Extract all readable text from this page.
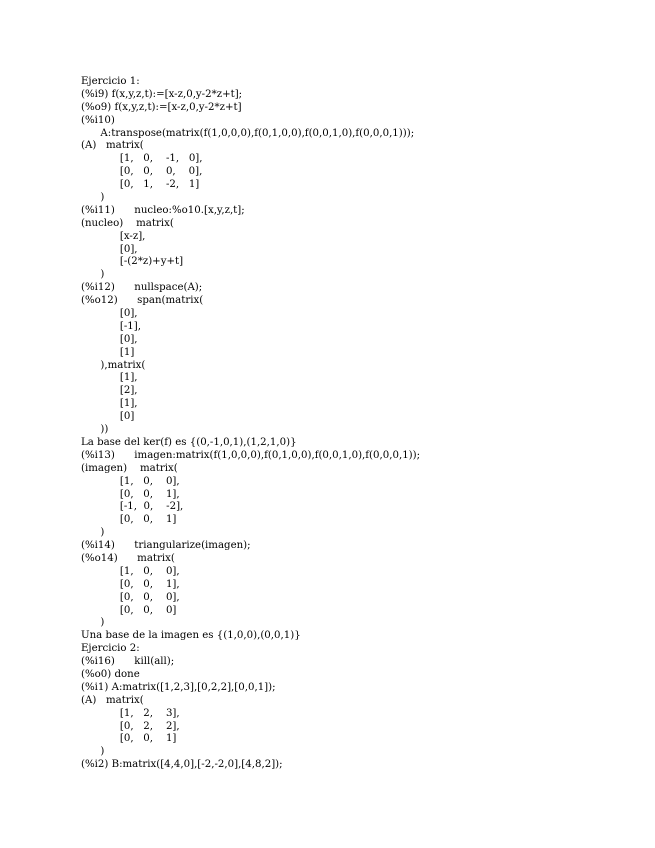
Ejercicio 1:
(%i9) f(x,y,z,t):=[x-z,0,y-2*z+t];
(%o9) f(x,y,z,t):=[x-z,0,y-2*z+t]
(%i10)
A:transpose(matrix(f(1,0,0,0),f(0,1,0,0),f(0,0,1,0),f(0,0,0,1)));
(A)   matrix(
[1,   0,    -1,   0],
[0,   0,    0,    0],
[0,   1,    -2,   1]
)
(%i11)      nucleo:%o10.[x,y,z,t];
(nucleo)    matrix(
[x-z],
[0],
[-(2*z)+y+t]
)
(%i12)      nullspace(A);
(%o12)      span(matrix(
[0],
[-1],
[0],
[1]
),matrix(
[1],
[2],
[1],
[0]
))
La base del ker(f) es {(0,-1,0,1),(1,2,1,0)}
(%i13)      imagen:matrix(f(1,0,0,0),f(0,1,0,0),f(0,0,1,0),f(0,0,0,1));
(imagen)    matrix(
[1,   0,    0],
[0,   0,    1],
[-1,  0,    -2],
[0,   0,    1]
)
(%i14)      triangularize(imagen);
(%o14)      matrix(
[1,   0,    0],
[0,   0,    1],
[0,   0,    0],
[0,   0,    0]
)
Una base de la imagen es {(1,0,0),(0,0,1)}
Ejercicio 2:
(%i16)      kill(all);
(%o0) done
(%i1) A:matrix([1,2,3],[0,2,2],[0,0,1]);
(A)   matrix(
[1,   2,    3],
[0,   2,    2],
[0,   0,    1]
)
(%i2) B:matrix([4,4,0],[-2,-2,0],[4,8,2]);
